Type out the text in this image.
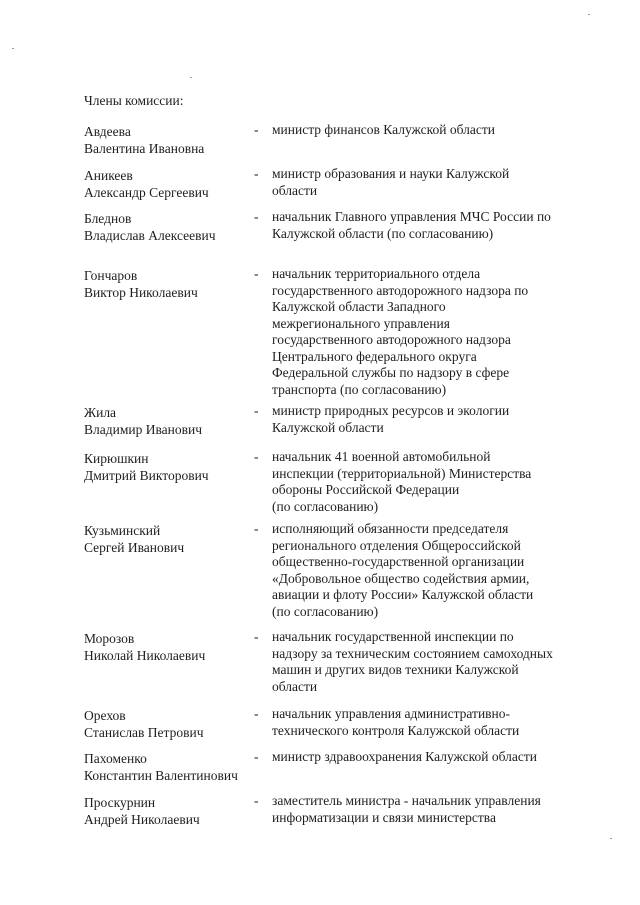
Члены комиссии:
Авдеева
Валентина Ивановна
- министр финансов Калужской области
Аникеев
Александр Сергеевич
- министр образования и науки Калужской
области
Бледнов
Владислав Алексеевич
- начальник Главного управления МЧС России по
Калужской области (по согласованию)
Гончаров
Виктор Николаевич
- начальник территориального отдела
государственного автодорожного надзора по
Калужской области Западного
межрегионального управления
государственного автодорожного надзора
Центрального федерального округа
Федеральной службы по надзору в сфере
транспорта (по согласованию)
Жила
Владимир Иванович
- министр природных ресурсов и экологии
Калужской области
Кирюшкин
Дмитрий Викторович
- начальник 41 военной автомобильной
инспекции (территориальной) Министерства
обороны Российской Федерации
(по согласованию)
Кузьминский
Сергей Иванович
- исполняющий обязанности председателя
регионального отделения Общероссийской
общественно-государственной организации
«Добровольное общество содействия армии,
авиации и флоту России» Калужской области
(по согласованию)
Морозов
Николай Николаевич
- начальник государственной инспекции по
надзору за техническим состоянием самоходных
машин и других видов техники Калужской
области
Орехов
Станислав Петрович
- начальник управления административно-
технического контроля Калужской области
Пахоменко
Константин Валентинович
- министр здравоохранения Калужской области
Проскурнин
Андрей Николаевич
- заместитель министра - начальник управления
информатизации и связи министерства
